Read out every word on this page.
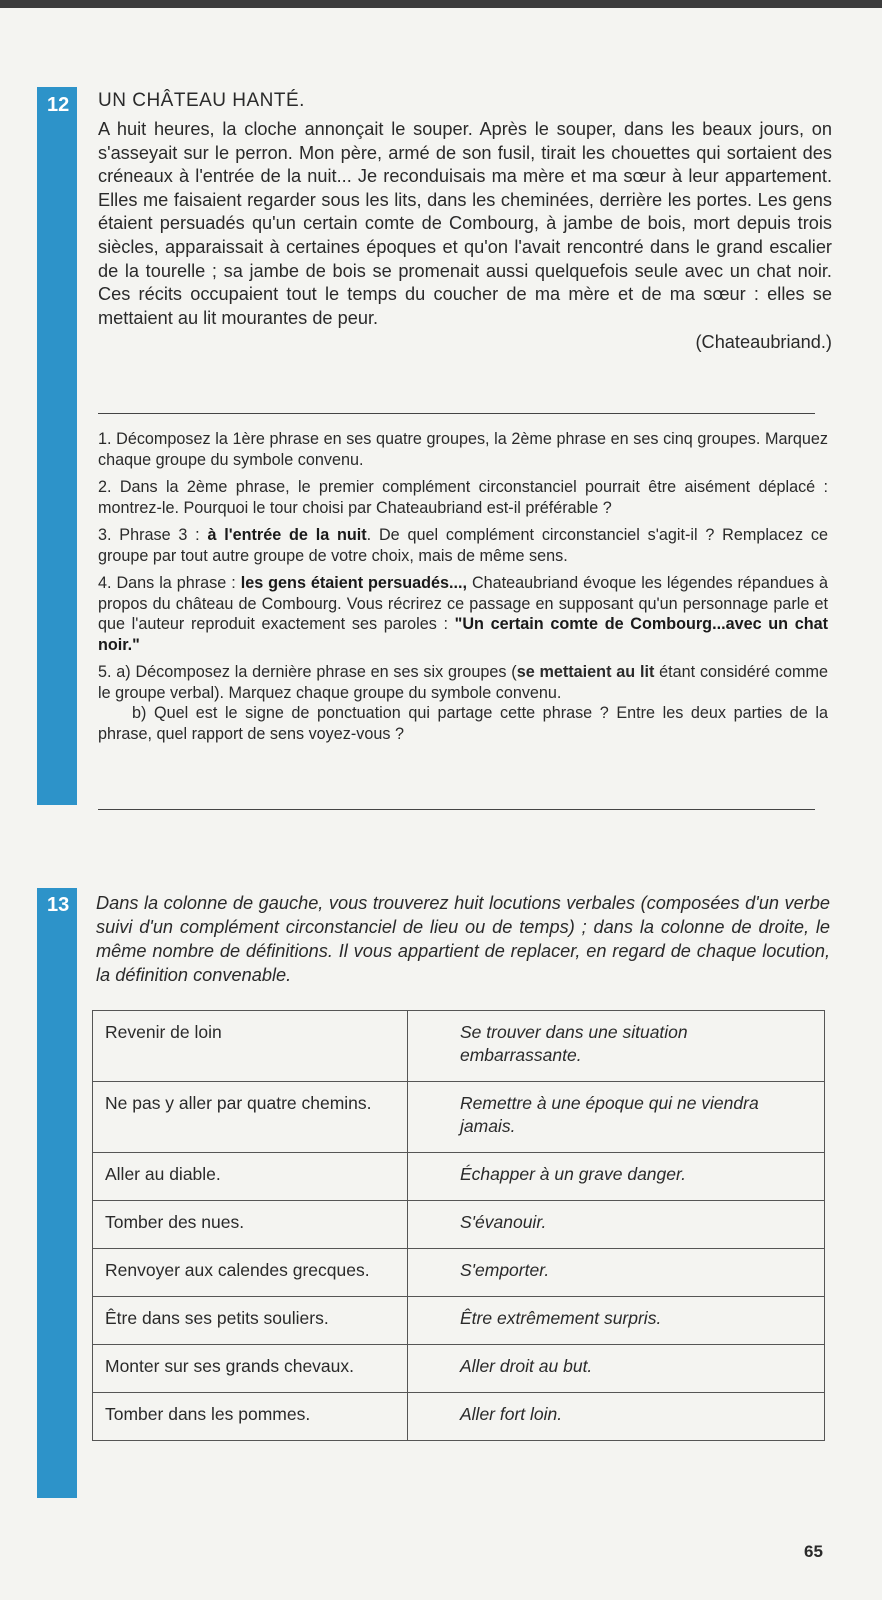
12 UN CHÂTEAU HANTÉ.

A huit heures, la cloche annonçait le souper. Après le souper, dans les beaux jours, on s'asseyait sur le perron. Mon père, armé de son fusil, tirait les chouettes qui sortaient des créneaux à l'entrée de la nuit... Je reconduisais ma mère et ma sœur à leur appartement. Elles me faisaient regarder sous les lits, dans les cheminées, derrière les portes. Les gens étaient persuadés qu'un certain comte de Combourg, à jambe de bois, mort depuis trois siècles, apparaissait à certaines époques et qu'on l'avait rencontré dans le grand escalier de la tourelle ; sa jambe de bois se promenait aussi quelquefois seule avec un chat noir. Ces récits occupaient tout le temps du coucher de ma mère et de ma sœur : elles se mettaient au lit mourantes de peur.

(Chateaubriand.)

1. Décomposez la 1ère phrase en ses quatre groupes, la 2ème phrase en ses cinq groupes. Marquez chaque groupe du symbole convenu.

2. Dans la 2ème phrase, le premier complément circonstanciel pourrait être aisément déplacé : montrez-le. Pourquoi le tour choisi par Chateaubriand est-il préférable ?

3. Phrase 3 : à l'entrée de la nuit. De quel complément circonstanciel s'agit-il ? Remplacez ce groupe par tout autre groupe de votre choix, mais de même sens.

4. Dans la phrase : les gens étaient persuadés..., Chateaubriand évoque les légendes répandues à propos du château de Combourg. Vous récrirez ce passage en supposant qu'un personnage parle et que l'auteur reproduit exactement ses paroles : "Un certain comte de Combourg...avec un chat noir."

5. a) Décomposez la dernière phrase en ses six groupes (se mettaient au lit étant considéré comme le groupe verbal). Marquez chaque groupe du symbole convenu.

b) Quel est le signe de ponctuation qui partage cette phrase ? Entre les deux parties de la phrase, quel rapport de sens voyez-vous ?

13 Dans la colonne de gauche, vous trouverez huit locutions verbales (composées d'un verbe suivi d'un complément circonstanciel de lieu ou de temps) ; dans la colonne de droite, le même nombre de définitions. Il vous appartient de replacer, en regard de chaque locution, la définition convenable.

Revenir de loin	Se trouver dans une situation embarrassante.
Ne pas y aller par quatre chemins.	Remettre à une époque qui ne viendra jamais.
Aller au diable.	Échapper à un grave danger.
Tomber des nues.	S'évanouir.
Renvoyer aux calendes grecques.	S'emporter.
Être dans ses petits souliers.	Être extrêmement surpris.
Monter sur ses grands chevaux.	Aller droit au but.
Tomber dans les pommes.	Aller fort loin.
65
